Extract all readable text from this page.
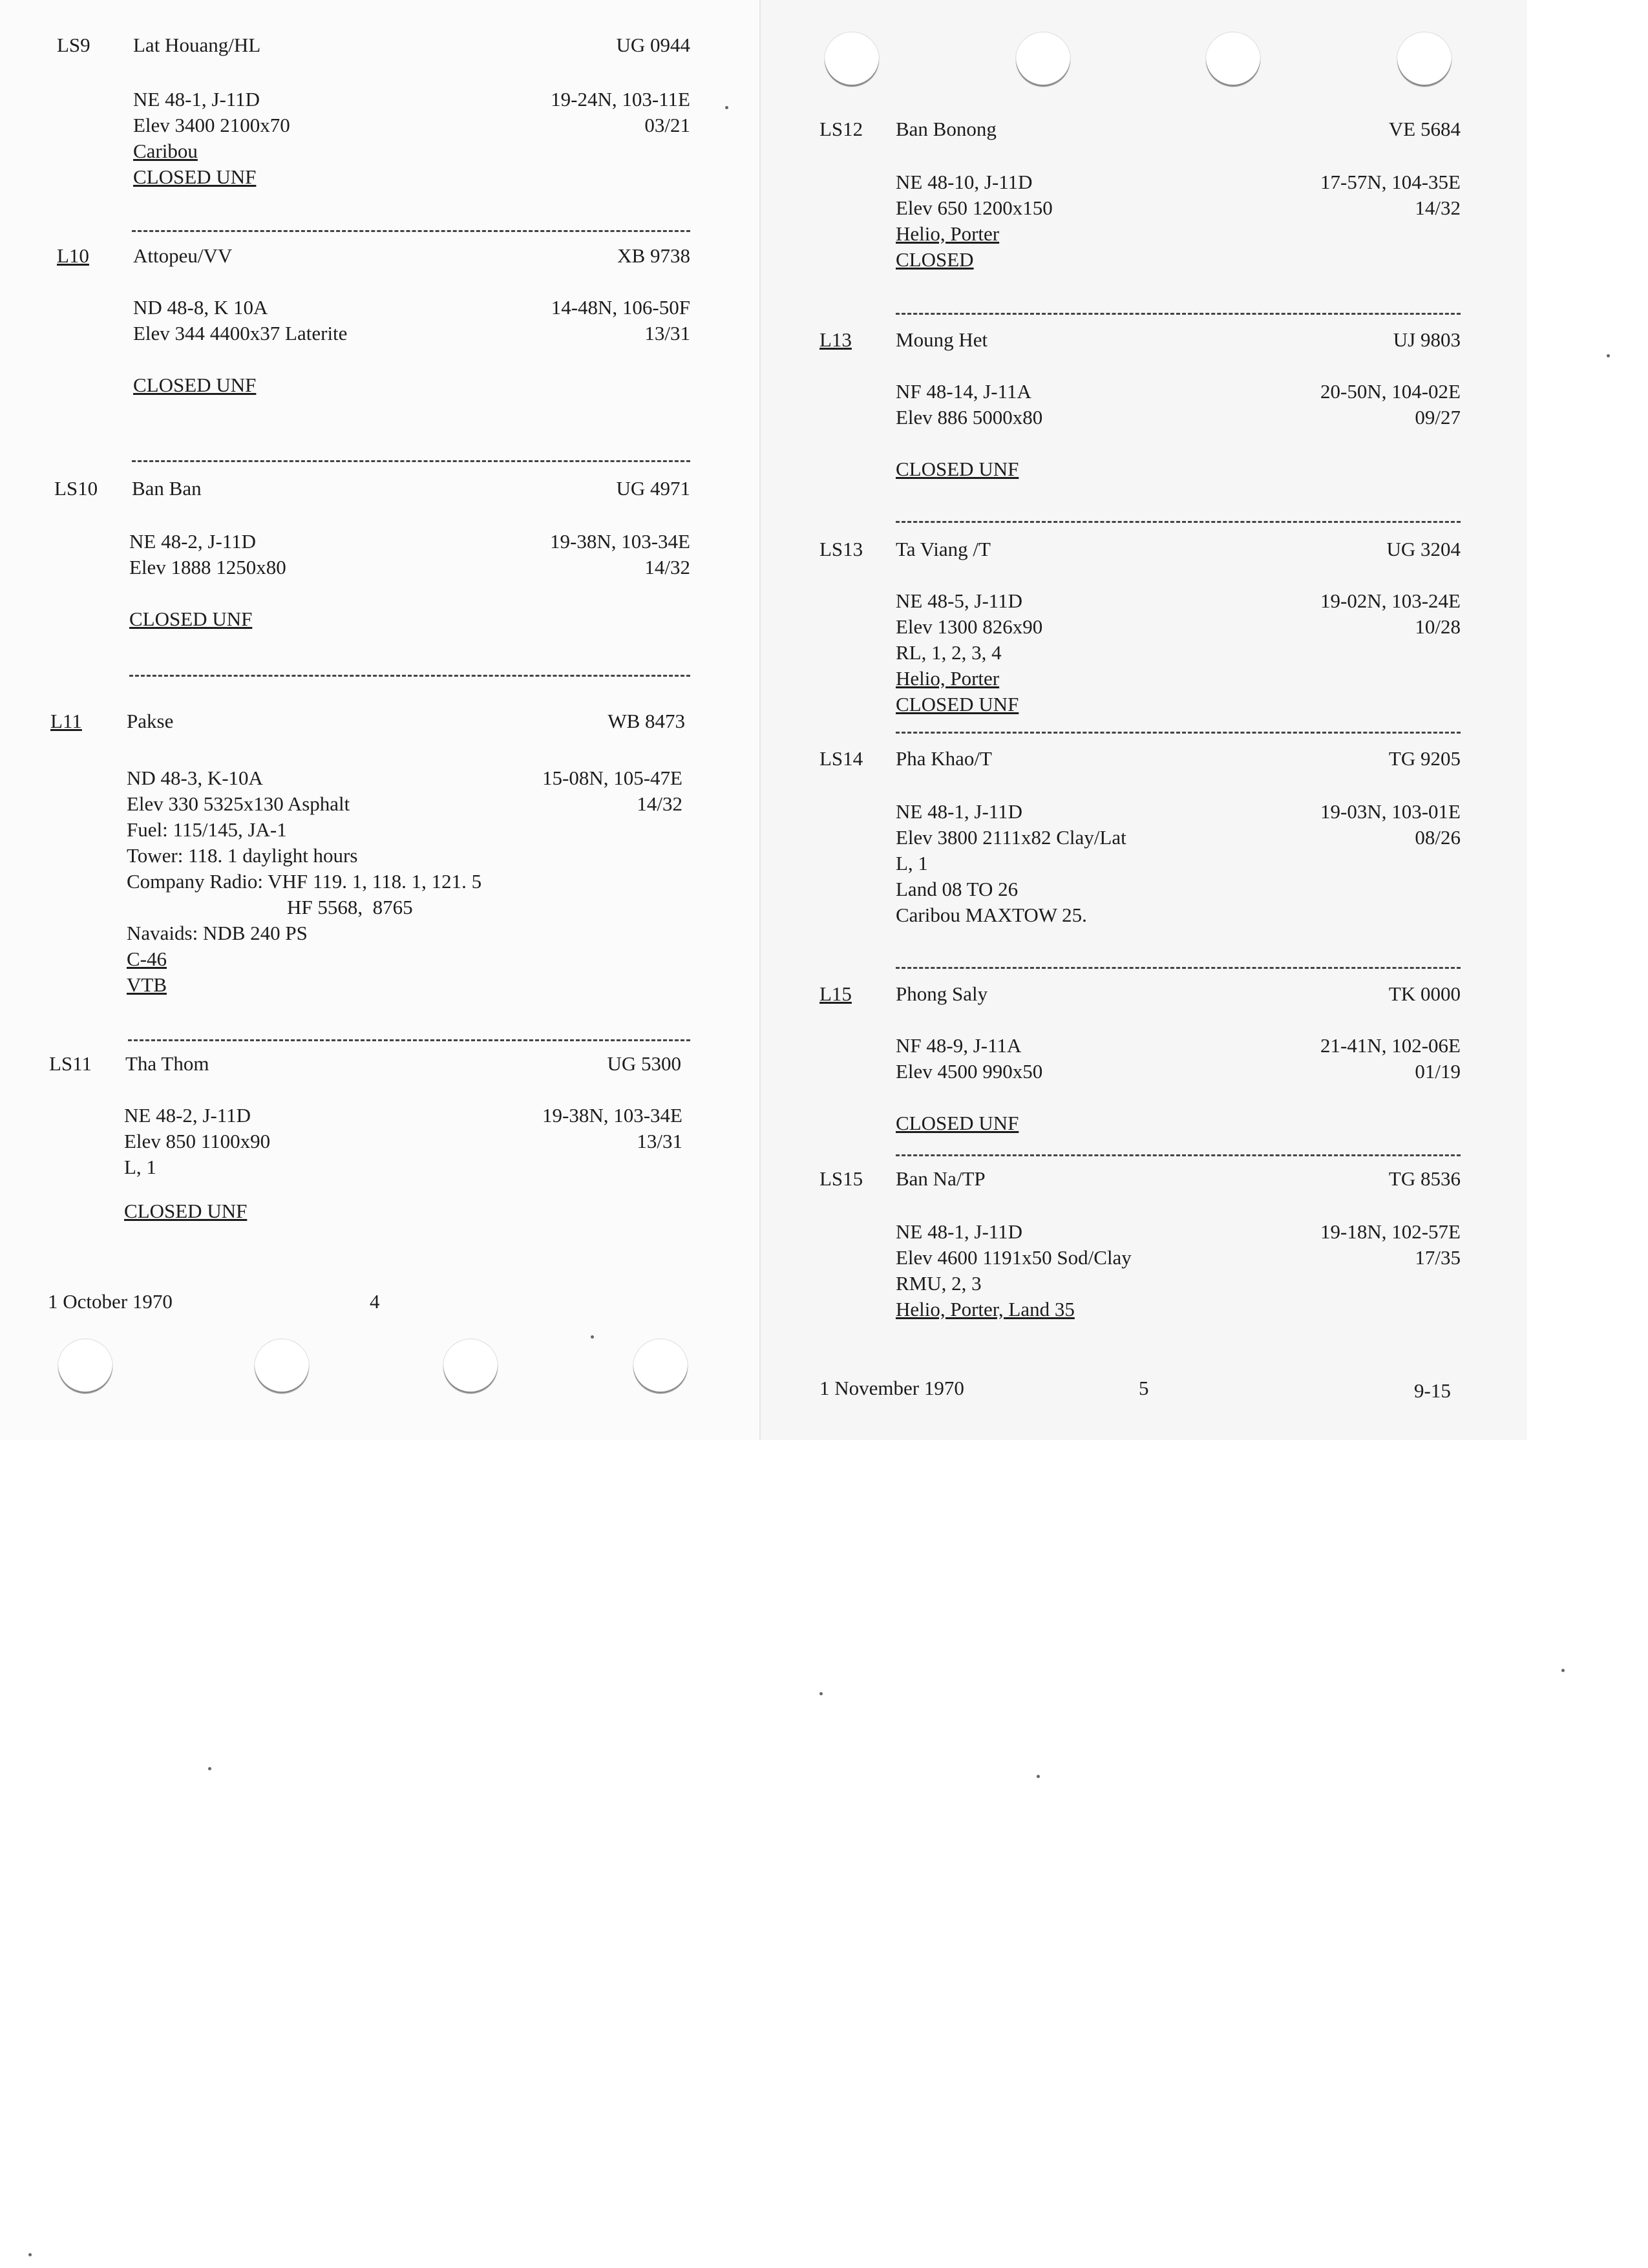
LS9 Lat Houang/HL	UG 0944
NE 48-1, J-11D	19-24N, 103-11E
Elev 3400 2100x70	03/21
Caribou
CLOSED UNF
L10 Attopeu/VV	XB 9738
ND 48-8, K 10A	14-48N, 106-50F
Elev 344 4400x37 Laterite	13/31
CLOSED UNF
LS10 Ban Ban	UG 4971
NE 48-2, J-11D	19-38N, 103-34E
Elev 1888 1250x80	14/32
CLOSED UNF
L11 Pakse	WB 8473
ND 48-3, K-10A	15-08N, 105-47E
Elev 330 5325x130 Asphalt	14/32
Fuel: 115/145, JA-1
Tower: 118. 1 daylight hours
Company Radio: VHF 119. 1, 118. 1, 121. 5
HF 5568,  8765
Navaids: NDB 240 PS
C-46
VTB
LS11 Tha Thom	UG 5300
NE 48-2, J-11D	19-38N, 103-34E
Elev 850 1100x90	13/31
L, 1
CLOSED UNF
1 October 1970	4
LS12 Ban Bonong	VE 5684
NE 48-10, J-11D	17-57N, 104-35E
Elev 650 1200x150	14/32
Helio, Porter
CLOSED
L13 Moung Het	UJ 9803
NF 48-14, J-11A	20-50N, 104-02E
Elev 886 5000x80	09/27
CLOSED UNF
LS13 Ta Viang /T	UG 3204
NE 48-5, J-11D	19-02N, 103-24E
Elev 1300 826x90	10/28
RL, 1, 2, 3, 4
Helio, Porter
CLOSED UNF
LS14 Pha Khao/T	TG 9205
NE 48-1, J-11D	19-03N, 103-01E
Elev 3800 2111x82 Clay/Lat	08/26
L, 1
Land 08 TO 26
Caribou MAXTOW 25.
L15 Phong Saly	TK 0000
NF 48-9, J-11A	21-41N, 102-06E
Elev 4500 990x50	01/19
CLOSED UNF
LS15 Ban Na/TP	TG 8536
NE 48-1, J-11D	19-18N, 102-57E
Elev 4600 1191x50 Sod/Clay	17/35
RMU, 2, 3
Helio, Porter, Land 35
1 November 1970	5	9-15
